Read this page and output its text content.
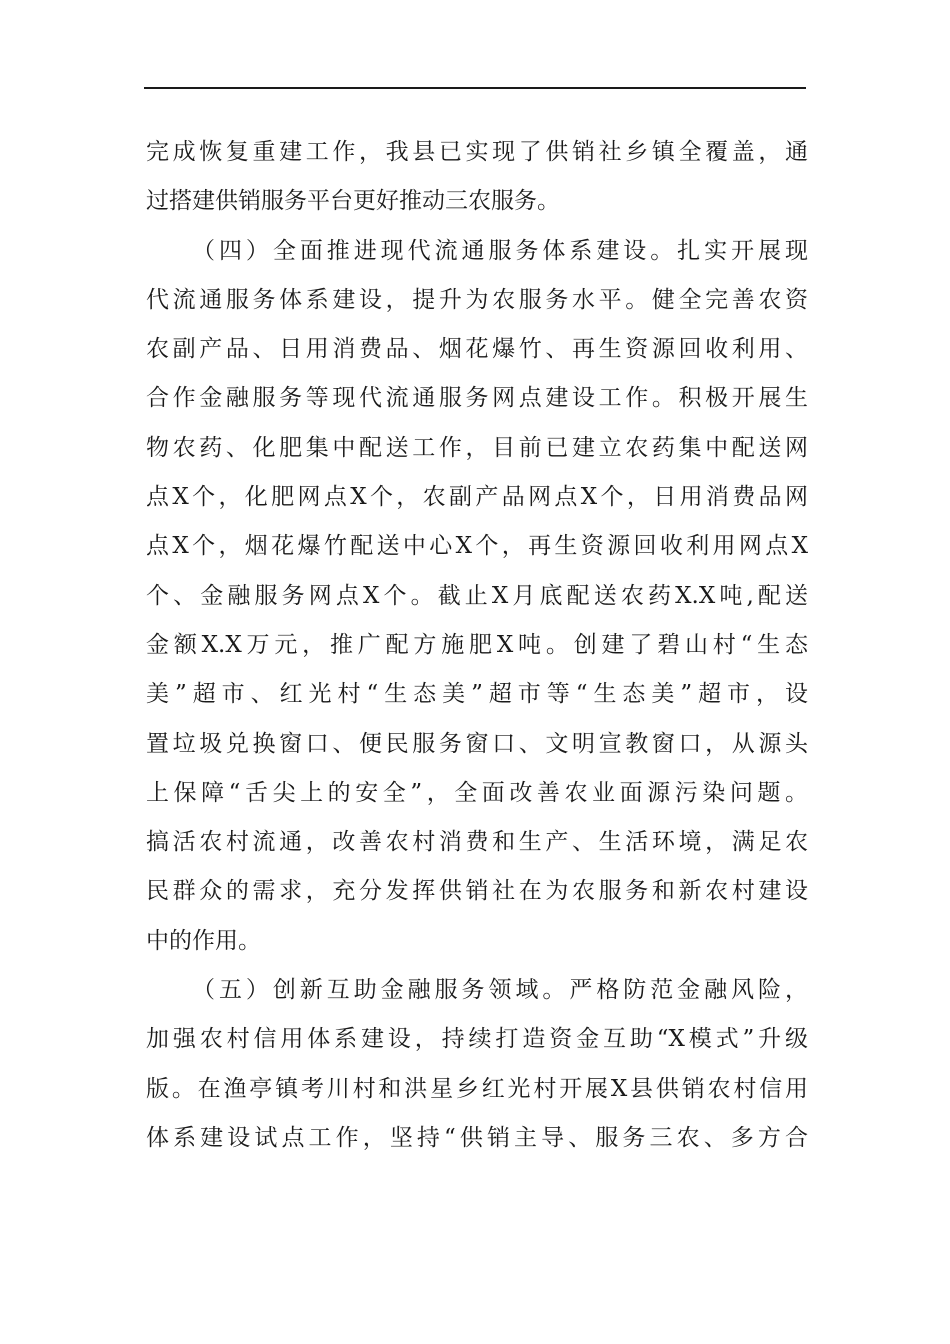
完成恢复重建工作，我县已实现了供销社乡镇全覆盖，通
过搭建供销服务平台更好推动三农服务。
（四）全面推进现代流通服务体系建设。扎实开展现
代流通服务体系建设，提升为农服务水平。健全完善农资
农副产品、日用消费品、烟花爆竹、再生资源回收利用、
合作金融服务等现代流通服务网点建设工作。积极开展生
物农药、化肥集中配送工作，目前已建立农药集中配送网
点X个，化肥网点X个，农副产品网点X个，日用消费品网
点X个，烟花爆竹配送中心X个，再生资源回收利用网点X
个、金融服务网点X个。截止X月底配送农药X.X吨,配送
金额X.X万元，推广配方施肥X吨。创建了碧山村“生态
美”超市、红光村“生态美”超市等“生态美”超市，设
置垃圾兑换窗口、便民服务窗口、文明宣教窗口，从源头
上保障“舌尖上的安全”，全面改善农业面源污染问题。
搞活农村流通，改善农村消费和生产、生活环境，满足农
民群众的需求，充分发挥供销社在为农服务和新农村建设
中的作用。
（五）创新互助金融服务领域。严格防范金融风险，
加强农村信用体系建设，持续打造资金互助“X模式”升级
版。在渔亭镇考川村和洪星乡红光村开展X县供销农村信用
体系建设试点工作，坚持“供销主导、服务三农、多方合
